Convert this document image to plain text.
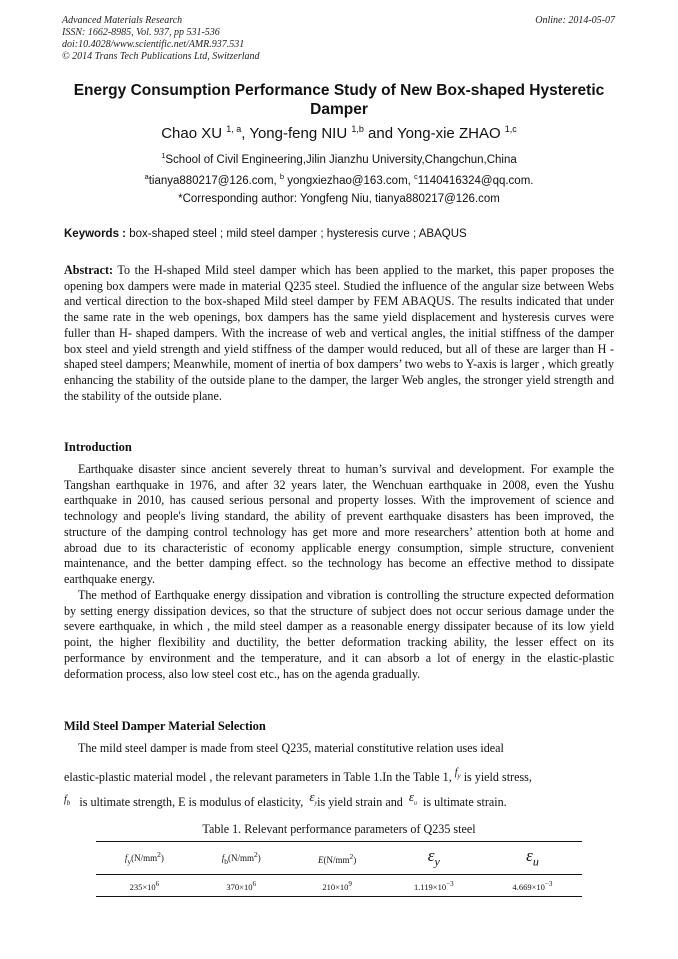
Advanced Materials Research
ISSN: 1662-8985, Vol. 937, pp 531-536
doi:10.4028/www.scientific.net/AMR.937.531
© 2014 Trans Tech Publications Ltd, Switzerland
Online: 2014-05-07
Energy Consumption Performance Study of New Box-shaped Hysteretic Damper
Chao XU $^{1, a}$, Yong-feng NIU $^{1,b}$ and Yong-xie ZHAO $^{1,c}$
$^1$School of Civil Engineering,Jilin Jianzhu University,Changchun,China
$^a$tianya880217@126.com, $^b$ yongxiezhao@163.com, $^c$1140416324@qq.com.
*Corresponding author: Yongfeng Niu, tianya880217@126.com
Keywords : box-shaped steel ; mild steel damper ; hysteresis curve ; ABAQUS

Abstract: To the H-shaped Mild steel damper which has been applied to the market, this paper proposes the opening box dampers were made in material Q235 steel. Studied the influence of the angular size between Webs and vertical direction to the box-shaped Mild steel damper by FEM ABAQUS. The results indicated that under the same rate in the web openings, box dampers has the same yield displacement and hysteresis curves were fuller than H- shaped dampers. With the increase of web and vertical angles, the initial stiffness of the damper box steel and yield strength and yield stiffness of the damper would reduced, but all of these are larger than H -shaped steel dampers; Meanwhile, moment of inertia of box dampers’ two webs to Y-axis is larger , which greatly enhancing the stability of the outside plane to the damper, the larger Web angles, the stronger yield strength and the stability of the outside plane.

Introduction

Earthquake disaster since ancient severely threat to human’s survival and development. For example the Tangshan earthquake in 1976, and after 32 years later, the Wenchuan earthquake in 2008, even the Yushu earthquake in 2010, has caused serious personal and property losses. With the improvement of science and technology and people's living standard, the ability of prevent earthquake disasters has been improved, the structure of the damping control technology has get more and more researchers’ attention both at home and abroad due to its characteristic of economy applicable energy consumption, simple structure, convenient maintenance, and the better damping effect. so the technology has become an effective method to dissipate earthquake energy.

The method of Earthquake energy dissipation and vibration is controlling the structure expected deformation by setting energy dissipation devices, so that the structure of subject does not occur serious damage under the severe earthquake, in which , the mild steel damper as a reasonable energy dissipater because of its low yield point, the higher flexibility and ductility, the better deformation tracking ability, the lesser effect on its performance by environment and the temperature, and it can absorb a lot of energy in the elastic-plastic deformation process, also low steel cost etc., has on the agenda gradually.

Mild Steel Damper Material Selection

The mild steel damper is made from steel Q235, material constitutive relation uses ideal

elastic-plastic material model , the relevant parameters in Table 1.In the Table 1, $^{f_y}$ is yield stress,

$^{f_b}$ is ultimate strength, E is modulus of elasticity, $\varepsilon_yis$ yield strain and $\varepsilon_u$ is ultimate strain.

Table 1. Relevant performance parameters of Q235 steel
$f_y(N/mm^2)$	$f_b(N/mm^2)$	$E(N/mm^2)$	$\varepsilon_y$	$\varepsilon_u$
$235\times 10^6$	$370\times 10^6$	$210\times 10^9$	$1.119\times 10^{-3}$	$4.669\times 10^{-3}$
